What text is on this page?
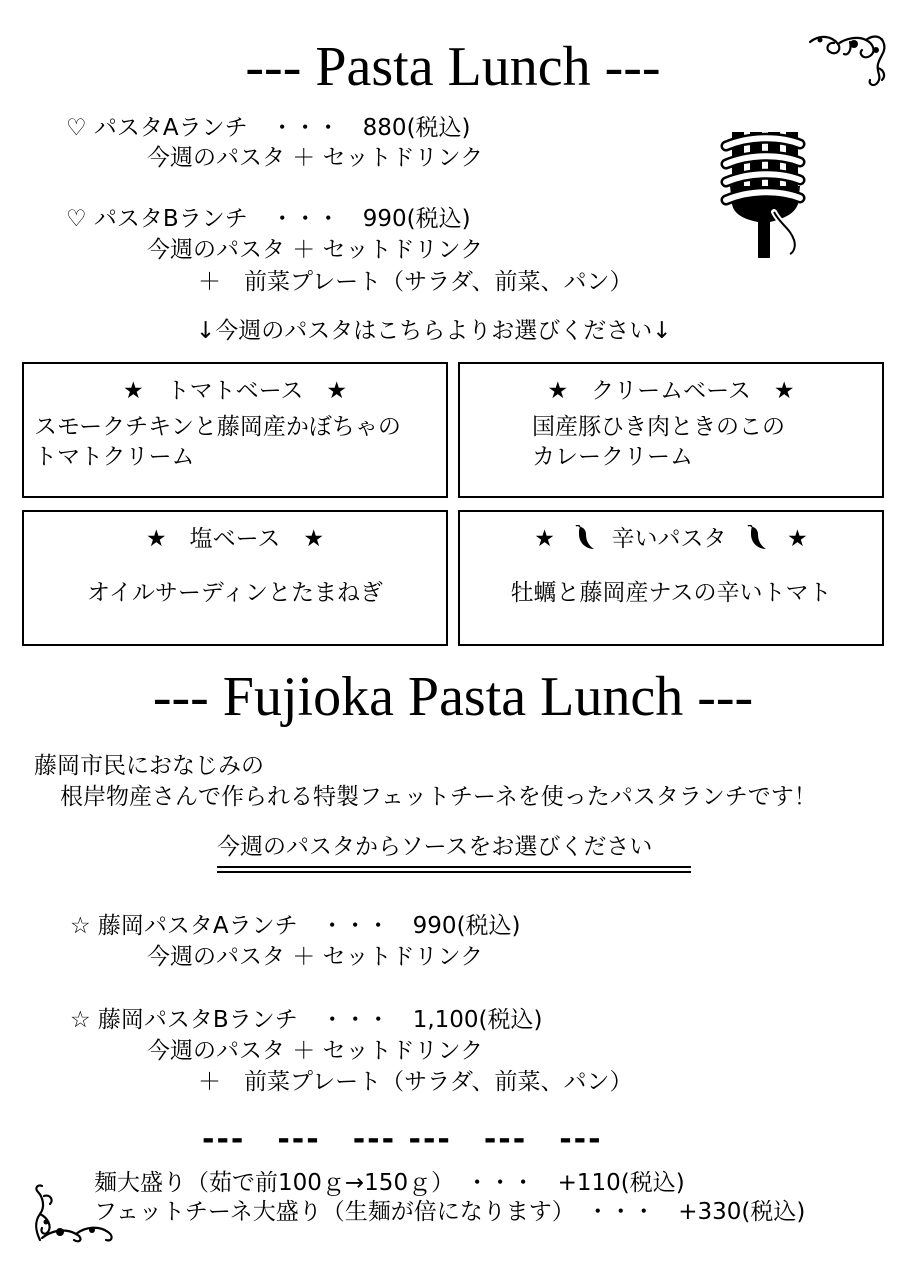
--- Pasta Lunch ---
♡ パスタAランチ　・・・　880(税込)
今週のパスタ ＋ セットドリンク
♡ パスタBランチ　・・・　990(税込)
今週のパスタ ＋ セットドリンク
＋　前菜プレート（サラダ、前菜、パン）
↓今週のパスタはこちらよりお選びください↓
★　トマトベース　★
スモークチキンと藤岡産かぼちゃの
トマトクリーム
★　クリームベース　★
国産豚ひき肉ときのこの
カレークリーム
★　塩ベース　★
オイルサーディンとたまねぎ
★ 辛いパスタ	★
牡蠣と藤岡産ナスの辛いトマト
--- Fujioka Pasta Lunch ---
藤岡市民におなじみの
根岸物産さんで作られる特製フェットチーネを使ったパスタランチです！
今週のパスタからソースをお選びください
☆ 藤岡パスタAランチ　・・・　990(税込)
今週のパスタ ＋ セットドリンク
☆ 藤岡パスタBランチ　・・・　1,100(税込)
今週のパスタ ＋ セットドリンク
＋　前菜プレート（サラダ、前菜、パン）
---　---　--- ---　---　---
麺大盛り（茹で前100ｇ→150ｇ）　・・・　+110(税込)
フェットチーネ大盛り（生麺が倍になります）　・・・　+330(税込)
